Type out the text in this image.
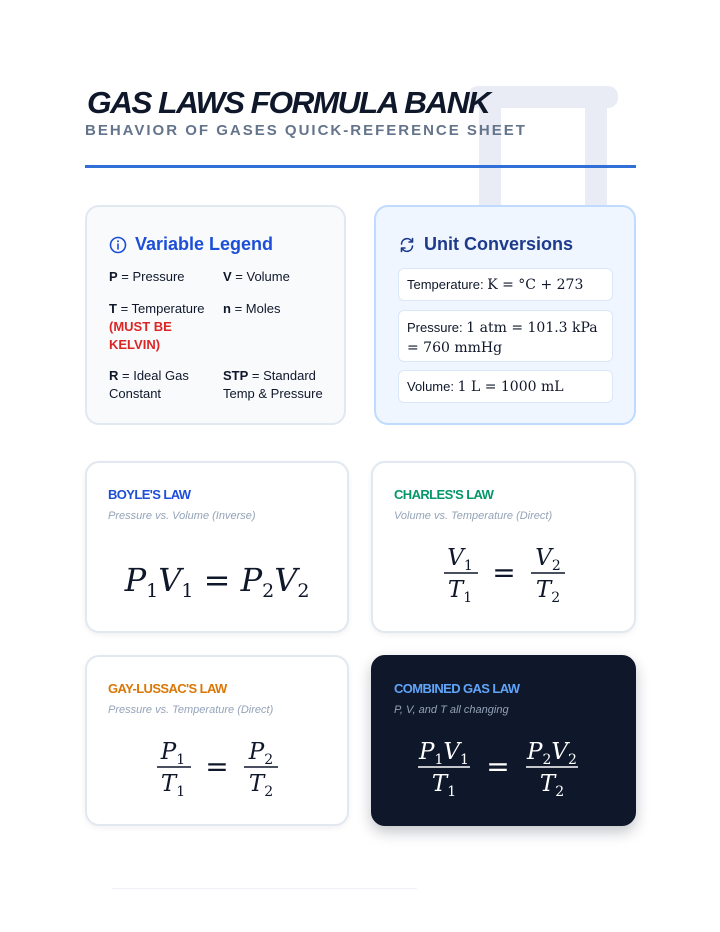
GAS LAWS FORMULA BANK
BEHAVIOR OF GASES QUICK-REFERENCE SHEET
Variable Legend
P = Pressure	V = Volume
T = Temperature
(MUST BE KELVIN)
n = Moles
R = Ideal Gas Constant
STP = Standard Temp & Pressure
Unit Conversions
Temperature: K = °C + 273
Pressure: 1 atm = 101.3 kPa
= 760 mmHg
Volume: 1 L = 1000 mL
BOYLE'S LAW
Pressure vs. Volume (Inverse)
P1V1 = P2V2
CHARLES'S LAW
Volume vs. Temperature (Direct)
$V_1$
$T_1$
= $V_2$
$T_2$
GAY-LUSSAC'S LAW
Pressure vs. Temperature (Direct)
$P_1$
$T_1$
= $P_2$
$T_2$
COMBINED GAS LAW
P, V, and T all changing
$P_1V_1$
$T_1$
= $P_2V_2$
$T_2$
